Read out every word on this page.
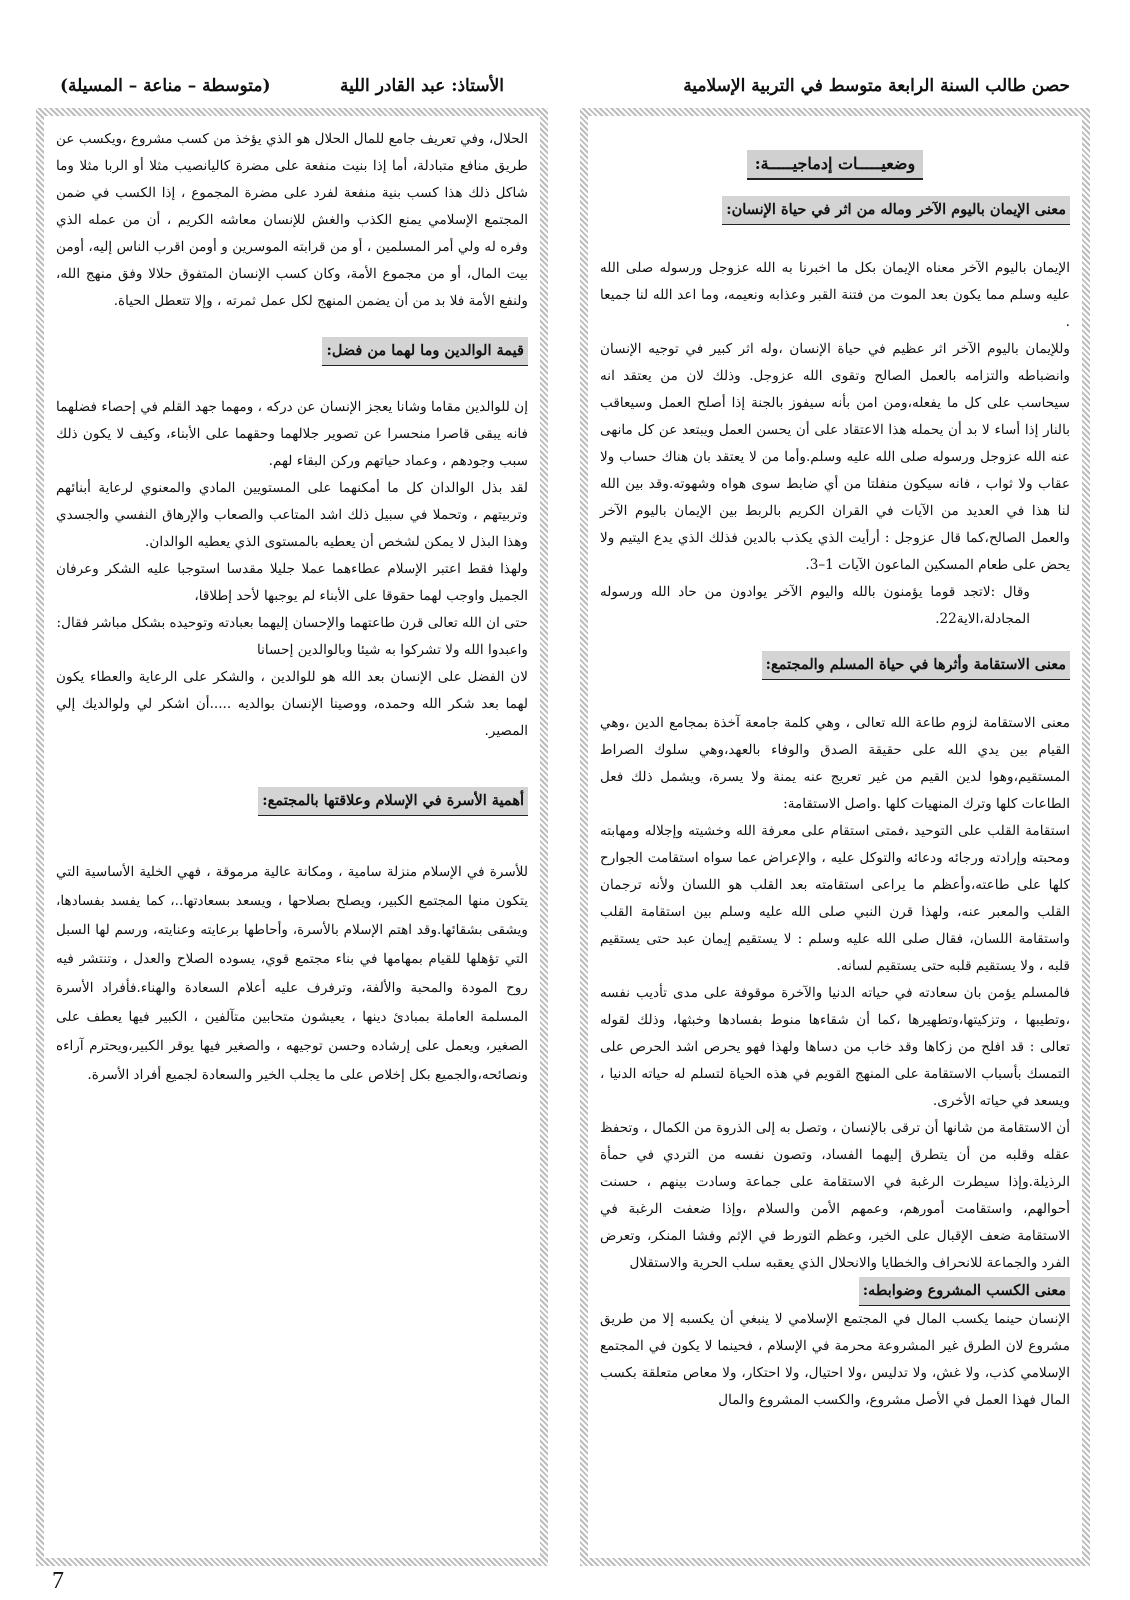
حصن طالب السنة الرابعة متوسط في التربية الإسلامية
الأستاذ: عبد القادر اللية
(متوسطة – مناعة – المسيلة)
وضعيـــــات إدماجيـــــة:
معنى الإيمان باليوم الآخر وماله من اثر في حياة الإنسان:

الإيمان باليوم الآخر معناه الإيمان بكل ما اخبرنا به الله عزوجل ورسوله صلى الله عليه وسلم مما يكون بعد الموت من فتنة القبر وعذابه ونعيمه، وما اعد الله لنا جميعا .

وللإيمان باليوم الآخر اثر عظيم في حياة الإنسان ،وله اثر كبير في توجيه الإنسان وانضباطه والتزامه بالعمل الصالح وتقوى الله عزوجل. وذلك لان من يعتقد انه سيحاسب على كل ما يفعله،ومن امن بأنه سيفوز بالجنة إذا أصلح العمل وسيعاقب بالنار إذا أساء لا بد أن يحمله هذا الاعتقاد على أن يحسن العمل ويبتعد عن كل مانهى عنه الله عزوجل ورسوله صلى الله عليه وسلم.وأما من لا يعتقد بان هناك حساب ولا عقاب ولا ثواب ، فانه سيكون منفلتا من أي ضابط سوى هواه وشهوته.وقد بين الله لنا هذا في العديد من الآيات في القران الكريم بالربط بين الإيمان باليوم الآخر والعمل الصالح،كما قال عزوجل : أرأيت الذي يكذب بالدين فذلك الذي يدع اليتيم ولا يحض على طعام المسكين الماعون الآيات 1–3.

وقال :لاتجد قوما يؤمنون بالله واليوم الآخر يوادون من حاد الله ورسوله المجادلة،الاية22.

معنى الاستقامة وأثرها في حياة المسلم والمجتمع:

معنى الاستقامة لزوم طاعة الله تعالى ، وهي كلمة جامعة آخذة بمجامع الدين ،وهي القيام بين يدي الله على حقيقة الصدق والوفاء بالعهد،وهي سلوك الصراط المستقيم،وهوا لدين القيم من غير تعريج عنه يمنة ولا يسرة، ويشمل ذلك فعل الطاعات كلها وترك المنهيات كلها .واصل الاستقامة:

استقامة القلب على التوحيد ،فمتى استقام على معرفة الله وخشيته وإجلاله ومهابته ومحبته وإرادته ورجائه ودعائه والتوكل عليه ، والإعراض عما سواه استقامت الجوارح كلها على طاعته،وأعظم ما يراعى استقامته بعد القلب هو اللسان ولأنه ترجمان القلب والمعبر عنه، ولهذا قرن النبي صلى الله عليه وسلم بين استقامة القلب واستقامة اللسان، فقال صلى الله عليه وسلم : لا يستقيم إيمان عبد حتى يستقيم قلبه ، ولا يستقيم قلبه حتى يستقيم لسانه.

فالمسلم يؤمن بان سعادته في حياته الدنيا والآخرة موقوفة على مدى تأديب نفسه ،وتطيبها ، وتزكيتها،وتطهيرها ،كما أن شقاءها منوط بفسادها وخبثها، وذلك لقوله تعالى : قد افلح من زكاها وقد خاب من دساها ولهذا فهو يحرص اشد الحرص على التمسك بأسباب الاستقامة على المنهج القويم في هذه الحياة لتسلم له حياته الدنيا ، ويسعد في حياته الأخرى.

أن الاستقامة من شانها أن ترقى بالإنسان ، وتصل به إلى الذروة من الكمال ، وتحفظ عقله وقلبه من أن يتطرق إليهما الفساد، وتصون نفسه من التردي في حمأة الرذيلة.وإذا سيطرت الرغبة في الاستقامة على جماعة وسادت بينهم ، حسنت أحوالهم، واستقامت أمورهم، وعمهم الأمن والسلام ،وإذا ضعفت الرغبة في الاستقامة ضعف الإقبال على الخير، وعظم التورط في الإثم وفشا المنكر، وتعرض الفرد والجماعة للانحراف والخطايا والانحلال الذي يعقبه سلب الحرية والاستقلال

معنى الكسب المشروع وضوابطه:

الإنسان حينما يكسب المال في المجتمع الإسلامي لا ينبغي أن يكسبه إلا من طريق مشروع لان الطرق غير المشروعة محرمة في الإسلام ، فحينما لا يكون في المجتمع الإسلامي كذب، ولا غش، ولا تدليس ،ولا احتيال، ولا احتكار، ولا معاص متعلقة بكسب المال فهذا العمل في الأصل مشروع، والكسب المشروع والمال

الحلال، وفي تعريف جامع للمال الحلال هو الذي يؤخذ من كسب مشروع ،ويكسب عن طريق منافع متبادلة، أما إذا بنيت منفعة على مضرة كاليانصيب مثلا أو الربا مثلا وما شاكل ذلك هذا كسب بنية منفعة لفرد على مضرة المجموع ، إذا الكسب في ضمن المجتمع الإسلامي يمنع الكذب والغش للإنسان معاشه الكريم ، أن من عمله الذي وفره له ولي أمر المسلمين ، أو من قرابته الموسرين و أومن اقرب الناس إليه، أومن بيت المال، أو من مجموع الأمة، وكان كسب الإنسان المتفوق حلالا وفق منهج الله، ولنفع الأمة فلا بد من أن يضمن المنهج لكل عمل ثمرته ، وإلا تتعطل الحياة.

قيمة الوالدين وما لهما من فضل:

إن للوالدين مقاما وشانا يعجز الإنسان عن دركه ، ومهما جهد القلم في إحصاء فضلهما فانه يبقى قاصرا منحسرا عن تصوير جلالهما وحقهما على الأبناء، وكيف لا يكون ذلك سبب وجودهم ، وعماد حياتهم وركن البقاء لهم.

لقد بذل الوالدان كل ما أمكنهما على المستويين المادي والمعنوي لرعاية أبنائهم وتربيتهم ، وتحملا في سبيل ذلك اشد المتاعب والصعاب والإرهاق النفسي والجسدي وهذا البذل لا يمكن لشخص أن يعطيه بالمستوى الذي يعطيه الوالدان.

ولهذا فقط اعتبر الإسلام عطاءهما عملا جليلا مقدسا استوجبا عليه الشكر وعرفان الجميل واوجب لهما حقوقا على الأبناء لم يوجبها لأحد إطلاقا،

حتى ان الله تعالى قرن طاعتهما والإحسان إليهما بعبادته وتوحيده بشكل مباشر فقال:

واعبدوا الله ولا تشركوا به شيئا وبالوالدين إحسانا

لان الفضل على الإنسان بعد الله هو للوالدين ، والشكر على الرعاية والعطاء يكون لهما بعد شكر الله وحمده، ووصينا الإنسان بوالديه .....أن اشكر لي ولوالديك إلي المصير.

أهمية الأسرة في الإسلام وعلاقتها بالمجتمع:

للأسرة في الإسلام منزلة سامية ، ومكانة عالية مرموقة ، فهي الخلية الأساسية التي يتكون منها المجتمع الكبير، ويصلح بصلاحها ، ويسعد بسعادتها..، كما يفسد بفسادها، ويشقى بشقائها.وقد اهتم الإسلام بالأسرة، وأحاطها برعايته وعنايته، ورسم لها السبل التي تؤهلها للقيام بمهامها في بناء مجتمع قوي، يسوده الصلاح والعدل ، وتنتشر فيه روح المودة والمحبة والألفة، وترفرف عليه أعلام السعادة والهناء.فأفراد الأسرة المسلمة العاملة بمبادئ دينها ، يعيشون متحابين متآلفين ، الكبير فيها يعطف على الصغير، ويعمل على إرشاده وحسن توجيهه ، والصغير فيها يوقر الكبير،ويحترم آراءه ونصائحه،والجميع بكل إخلاص على ما يجلب الخير والسعادة لجميع أفراد الأسرة.

7
